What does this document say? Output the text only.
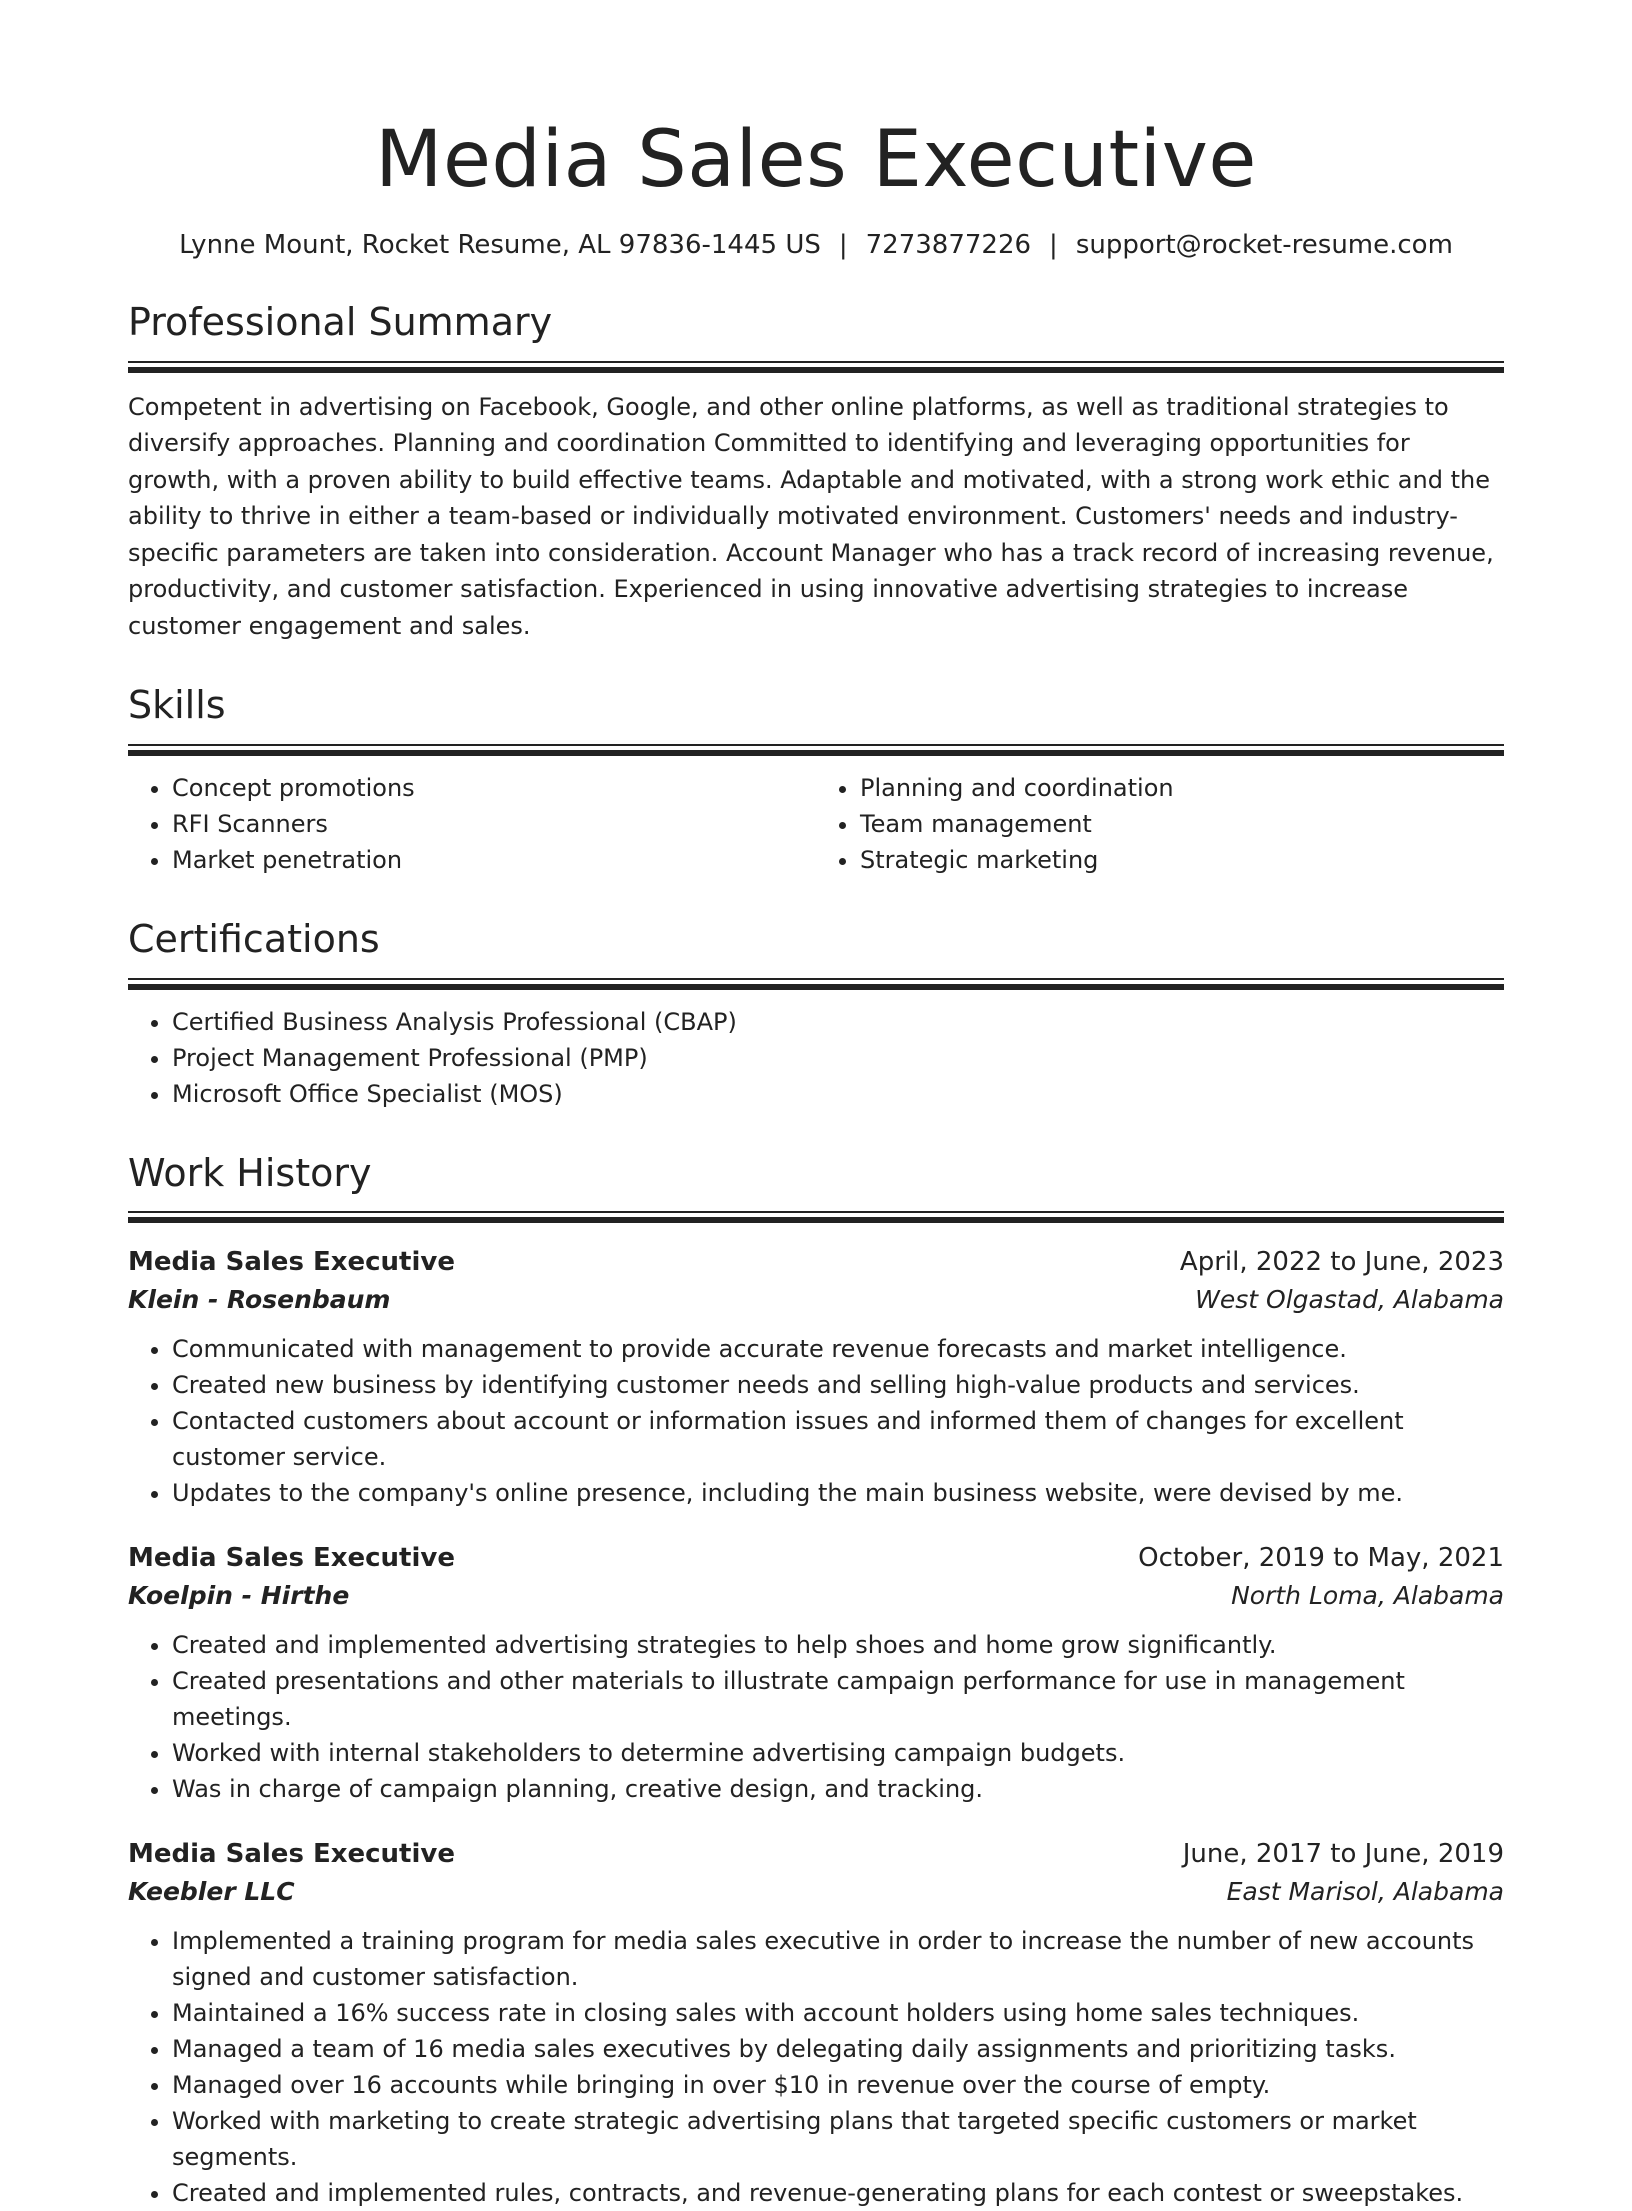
Media Sales Executive
Lynne Mount, Rocket Resume, AL 97836-1445 US | 7273877226 | support@rocket-resume.com
Professional Summary

Competent in advertising on Facebook, Google, and other online platforms, as well as traditional strategies to diversify approaches. Planning and coordination Committed to identifying and leveraging opportunities for growth, with a proven ability to build effective teams. Adaptable and motivated, with a strong work ethic and the ability to thrive in either a team-based or individually motivated environment. Customers' needs and industry-specific parameters are taken into consideration. Account Manager who has a track record of increasing revenue, productivity, and customer satisfaction. Experienced in using innovative advertising strategies to increase customer engagement and sales.

Skills
• Concept promotions
• RFI Scanners
• Market penetration
• Planning and coordination
• Team management
• Strategic marketing
Certifications
• Certified Business Analysis Professional (CBAP)
• Project Management Professional (PMP)
• Microsoft Office Specialist (MOS)
Work History
Media Sales Executive	April, 2022 to June, 2023
Klein - Rosenbaum	West Olgastad, Alabama
• Communicated with management to provide accurate revenue forecasts and market intelligence.
• Created new business by identifying customer needs and selling high-value products and services.
• Contacted customers about account or information issues and informed them of changes for excellent customer service.
• Updates to the company's online presence, including the main business website, were devised by me.
Media Sales Executive	October, 2019 to May, 2021
Koelpin - Hirthe	North Loma, Alabama
• Created and implemented advertising strategies to help shoes and home grow significantly.
• Created presentations and other materials to illustrate campaign performance for use in management meetings.
• Worked with internal stakeholders to determine advertising campaign budgets.
• Was in charge of campaign planning, creative design, and tracking.
Media Sales Executive	June, 2017 to June, 2019
Keebler LLC	East Marisol, Alabama
• Implemented a training program for media sales executive in order to increase the number of new accounts signed and customer satisfaction.
• Maintained a 16% success rate in closing sales with account holders using home sales techniques.
• Managed a team of 16 media sales executives by delegating daily assignments and prioritizing tasks.
• Managed over 16 accounts while bringing in over $10 in revenue over the course of empty.
• Worked with marketing to create strategic advertising plans that targeted specific customers or market segments.
• Created and implemented rules, contracts, and revenue-generating plans for each contest or sweepstakes.
